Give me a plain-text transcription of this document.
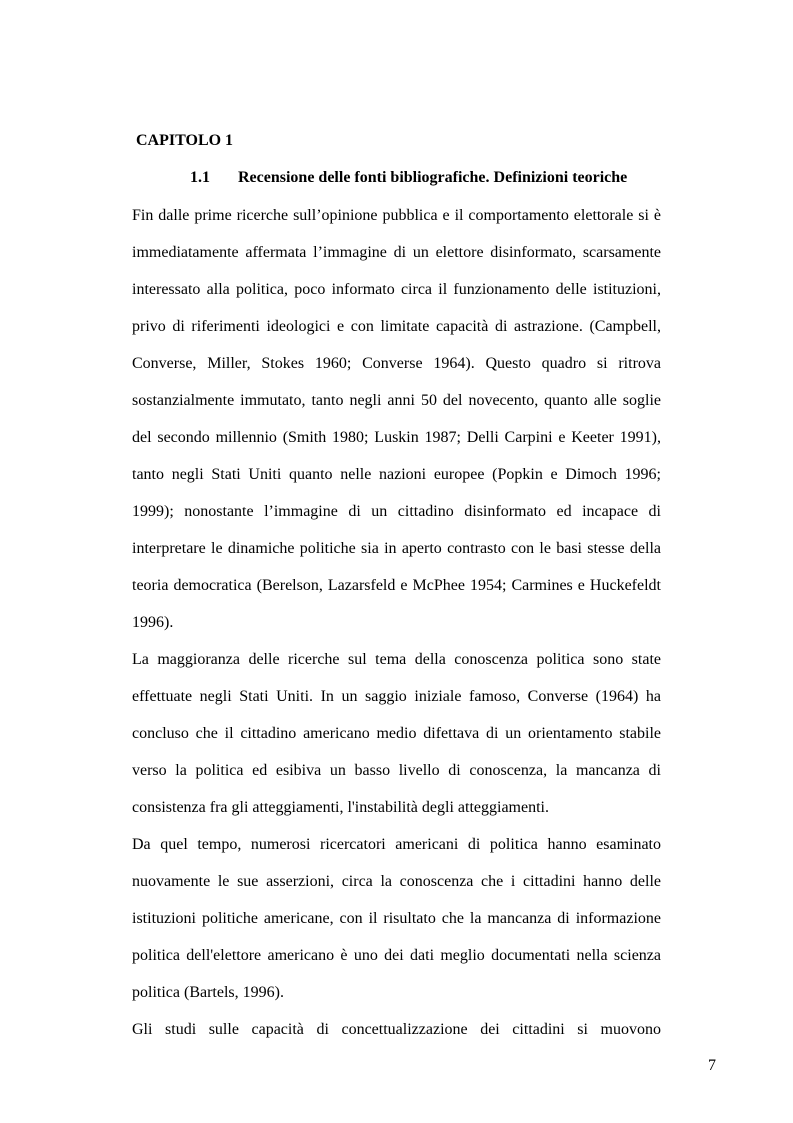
CAPITOLO 1
1.1 Recensione delle fonti bibliografiche. Definizioni teoriche
Fin dalle prime ricerche sull’opinione pubblica e il comportamento elettorale si è
immediatamente affermata l’immagine di un elettore disinformato, scarsamente
interessato alla politica, poco informato circa il funzionamento delle istituzioni,
privo di riferimenti ideologici e con limitate capacità di astrazione. (Campbell,
Converse, Miller, Stokes 1960; Converse 1964). Questo quadro si ritrova
sostanzialmente immutato, tanto negli anni 50 del novecento, quanto alle soglie
del secondo millennio (Smith 1980; Luskin 1987; Delli Carpini e Keeter 1991),
tanto negli Stati Uniti quanto nelle nazioni europee (Popkin e Dimoch 1996;
1999); nonostante l’immagine di un cittadino disinformato ed incapace di
interpretare le dinamiche politiche sia in aperto contrasto con le basi stesse della
teoria democratica (Berelson, Lazarsfeld e McPhee 1954; Carmines e Huckefeldt
1996).
La maggioranza delle ricerche sul tema della conoscenza politica sono state
effettuate negli Stati Uniti. In un saggio iniziale famoso, Converse (1964) ha
concluso che il cittadino americano medio difettava di un orientamento stabile
verso la politica ed esibiva un basso livello di conoscenza, la mancanza di
consistenza fra gli atteggiamenti, l'instabilità degli atteggiamenti.
Da quel tempo, numerosi ricercatori americani di politica hanno esaminato
nuovamente le sue asserzioni, circa la conoscenza che i cittadini hanno delle
istituzioni politiche americane, con il risultato che la mancanza di informazione
politica dell'elettore americano è uno dei dati meglio documentati nella scienza
politica (Bartels, 1996).
Gli studi sulle capacità di concettualizzazione dei cittadini si muovono
7
